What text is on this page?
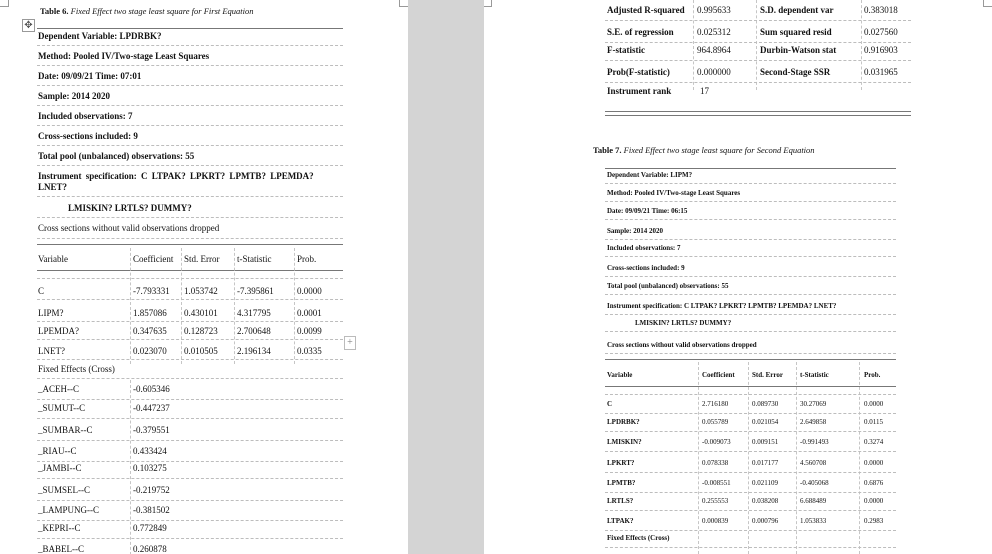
Table 6. Fixed Effect two stage least square for First Equation
✥
Dependent Variable: LPDRBK?
Method: Pooled IV/Two-stage Least Squares
Date: 09/09/21 Time: 07:01
Sample: 2014 2020
Included observations: 7
Cross-sections included: 9
Total pool (unbalanced) observations: 55
Instrument specification: C LTPAK? LPKRT? LPMTB? LPEMDA?
LNET?
LMISKIN? LRTLS? DUMMY?
Cross sections without valid observations dropped
Variable	Coefficient Std. Error t-Statistic	Prob.
C	-7.793331 1.053742 -7.395861	0.0000
LIPM?	1.857086 0.430101 4.317795	0.0001
LPEMDA?	0.347635 0.128723 2.700648	0.0099
LNET?	0.023070 0.010505 2.196134	0.0335
Fixed Effects (Cross)
_ACEH--C	-0.605346
_SUMUT--C	-0.447237
_SUMBAR--C	-0.379551
_RIAU--C	0.433424
_JAMBI--C	0.103275
_SUMSEL--C	-0.219752
_LAMPUNG--C	-0.381502
_KEPRI--C	0.772849
_BABEL--C	0.260878
+
Adjusted R-squared 0.995633	S.D. dependent var	0.383018
S.E. of regression	0.025312	Sum squared resid	0.027560
F-statistic	964.8964	Durbin-Watson stat	0.916903
Prob(F-statistic)	0.000000	Second-Stage SSR	0.031965
Instrument rank	17
Table 7. Fixed Effect two stage least square for Second Equation
Dependent Variable: LIPM?
Method: Pooled IV/Two-stage Least Squares
Date: 09/09/21 Time: 06:15
Sample: 2014 2020
Included observations: 7
Cross-sections included: 9
Total pool (unbalanced) observations: 55
Instrument specification: C LTPAK? LPKRT? LPMTB? LPEMDA? LNET?
LMISKIN? LRTLS? DUMMY?
Cross sections without valid observations dropped
Variable	Coefficient Std. Error t-Statistic	Prob.
C	2.716180	0.089730	30.27069	0.0000
LPDRBK?	0.055789	0.021054	2.649858	0.0115
LMISKIN?	-0.009073	0.009151	-0.991493	0.3274
LPKRT?	0.078338	0.017177	4.560708	0.0000
LPMTB?	-0.008551	0.021109	-0.405068	0.6876
LRTLS?	0.255553	0.038208	6.688489	0.0000
LTPAK?	0.000839	0.000796	1.053833	0.2983
Fixed Effects (Cross)
